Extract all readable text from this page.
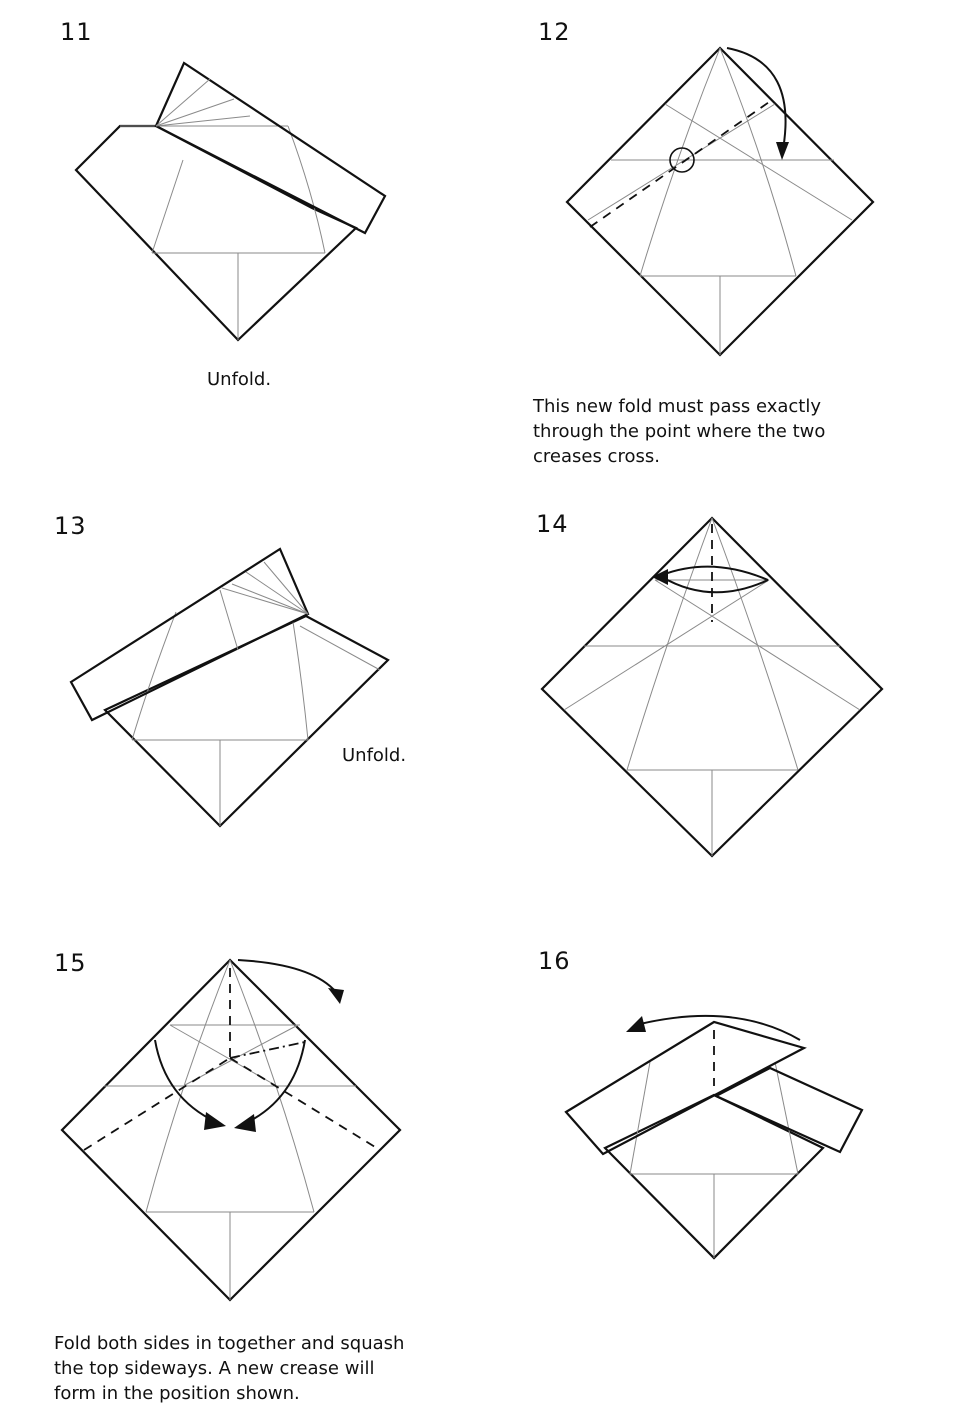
11	12
13	14
15	16
Unfold.
This new fold must pass exactly
through the point where the two
creases cross.
Unfold.
Fold both sides in together and squash
the top sideways. A new crease will
form in the position shown.
